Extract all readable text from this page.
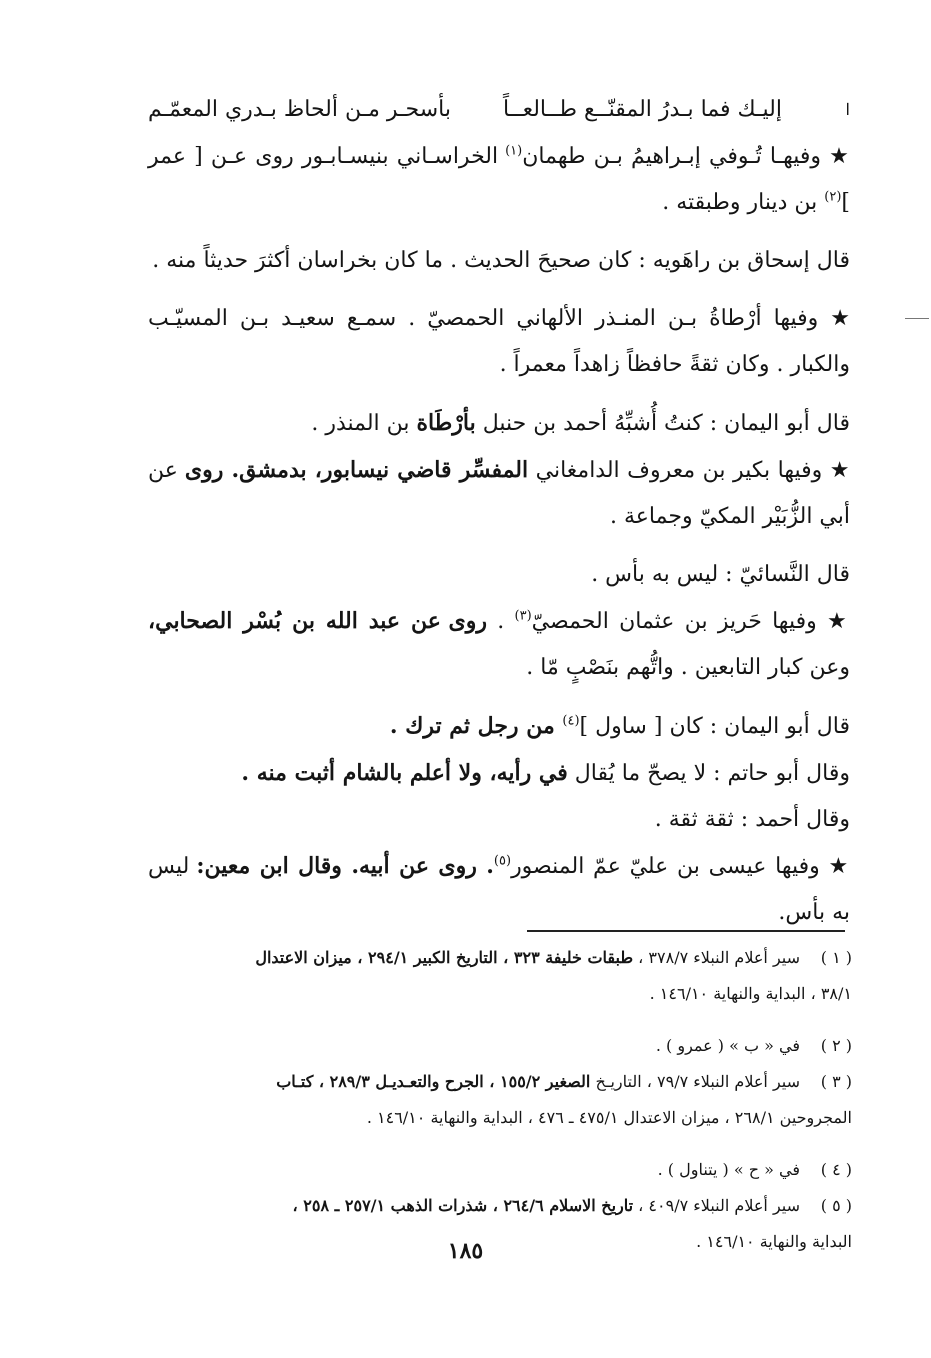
ا
إليـك فما بـدرُ المقنّــع طــالعــاً
بأسحـر مـن ألحاظ بـدري المعمّـم

★ وفيهـا تُـوفي إبـراهيمُ بـن طهمان$^{(١)}$ الخراسـاني بنيسـابـور روى عـن [ عمر ]$^{(٢)}$ بن دينار وطبقته .

قال إسحاق بن راهَويه : كان صحيحَ الحديث . ما كان بخراسان أكثرَ حديثاً منه .

★ وفيها أرْطاةُ بـن المنـذر الألهاني الحمصيّ . سمـع سعيـد بـن المسيّـب والكبار . وكان ثقةً حافظاً زاهداً معمراً .

قال أبو اليمان : كنتُ أُشبِّهُ أحمد بن حنبل بأرْطَاة بن المنذر .

★ وفيها بكير بن معروف الدامغاني المفسِّر قاضي نيسابور، بدمشق. روى عن أبي الزُّبَيْر المكيّ وجماعة .

قال النَّسائيّ : ليس به بأس .

★ وفيها حَريز بن عثمان الحمصيّ$^{(٣)}$ . روى عن عبد الله بن بُسْر الصحابي، وعن كبار التابعين . واتُّهم بنَصْبٍ مّا .

قال أبو اليمان : كان [ ساول ]$^{(٤)}$ من رجل ثم ترك .

وقال أبو حاتم : لا يصحّ ما يُقال في رأيه، ولا أعلم بالشام أثبت منه .

وقال أحمد : ثقة ثقة .

★ وفيها عيسى بن عليّ عمّ المنصور$^{(٥)}$. روى عن أبيه. وقال ابن معين: ليس به بأس.

( ١ )سير أعلام النبلاء ٣٧٨/٧ ، طبقات خليفة ٣٢٣ ، التاريخ الكبير ٢٩٤/١ ، ميزان الاعتدال

٣٨/١ ، البداية والنهاية ١٤٦/١٠ .

( ٢ )في « ب » ( عمرو ) .

( ٣ )سير أعلام النبلاء ٧٩/٧ ، التاريـخ الصغير ١٥٥/٢ ، الجرح والتعـديـل ٢٨٩/٣ ، كتـاب

المجروحين ٢٦٨/١ ، ميزان الاعتدال ٤٧٥/١ ـ ٤٧٦ ، البداية والنهاية ١٤٦/١٠ .

( ٤ )في « ح » ( يتناول ) .

( ٥ )سير أعلام النبلاء ٤٠٩/٧ ، تاريخ الاسلام ٢٦٤/٦ ، شذرات الذهب ٢٥٧/١ ـ ٢٥٨ ،

البداية والنهاية ١٤٦/١٠ .

١٨٥
